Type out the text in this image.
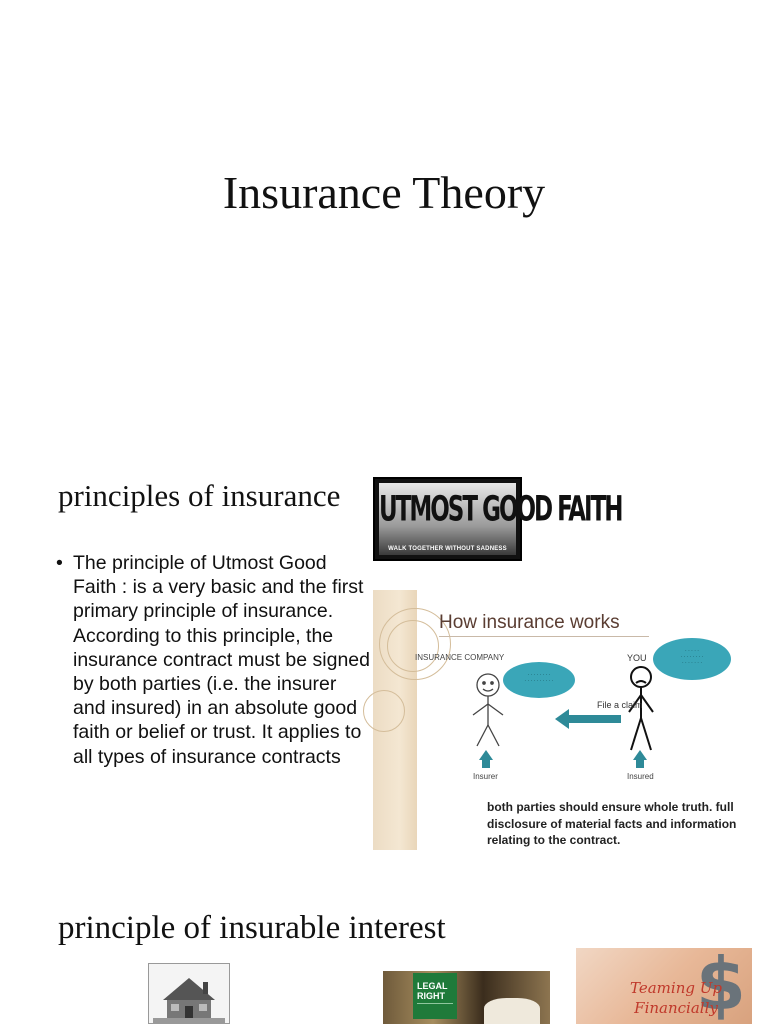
Insurance Theory
principles of insurance UTMOST GOOD FAITH
WALK TOGETHER WITHOUT SADNESS
• The principle of Utmost Good Faith : is a very basic and the first primary principle of insurance. According to this principle, the insurance contract must be signed by both parties (i.e. the insurer and insured) in an absolute good faith or belief or trust. It applies to all types of insurance contracts
How insurance works
INSURANCE COMPANY	YOU
· · · · · · · ·
· · · · · · · · · ·
· · · · ·
· · · · · · · ·
· · · · · · ·
File a claim
Insurer	Insured
both parties should ensure whole truth. full disclosure of material facts and information relating to the contract.
principle of insurable interest
LEGAL RIGHT	$
Teaming Up Financially
